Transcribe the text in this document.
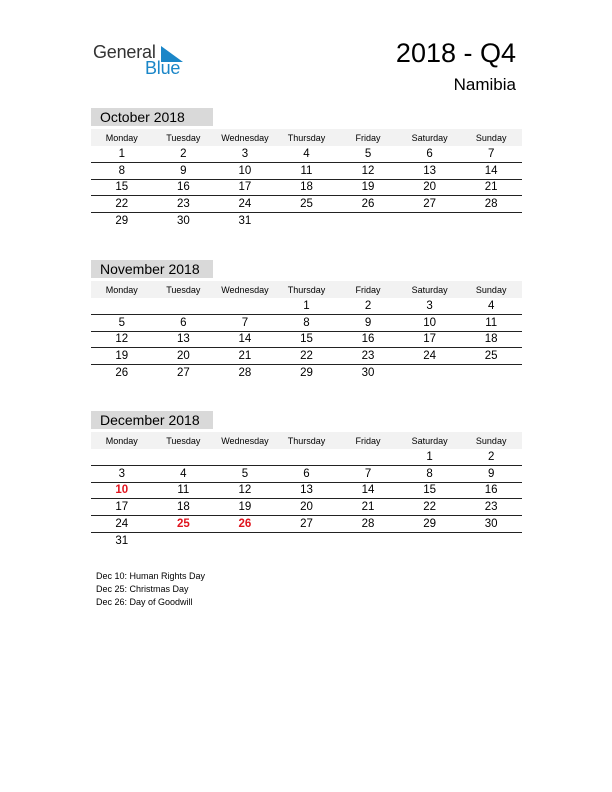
General
Blue	2018 - Q4
Namibia
October 2018
Monday	Tuesday	Wednesday	Thursday	Friday	Saturday	Sunday
1	2	3	4	5	6	7
8	9	10	11	12	13	14
15	16	17	18	19	20	21
22	23	24	25	26	27	28
29	30	31				
November 2018
Monday	Tuesday	Wednesday	Thursday	Friday	Saturday	Sunday
			1	2	3	4
5	6	7	8	9	10	11
12	13	14	15	16	17	18
19	20	21	22	23	24	25
26	27	28	29	30		
December 2018
Monday	Tuesday	Wednesday	Thursday	Friday	Saturday	Sunday
					1	2
3	4	5	6	7	8	9
10	11	12	13	14	15	16
17	18	19	20	21	22	23
24	25	26	27	28	29	30
31						
Dec 10: Human Rights Day
Dec 25: Christmas Day
Dec 26: Day of Goodwill
